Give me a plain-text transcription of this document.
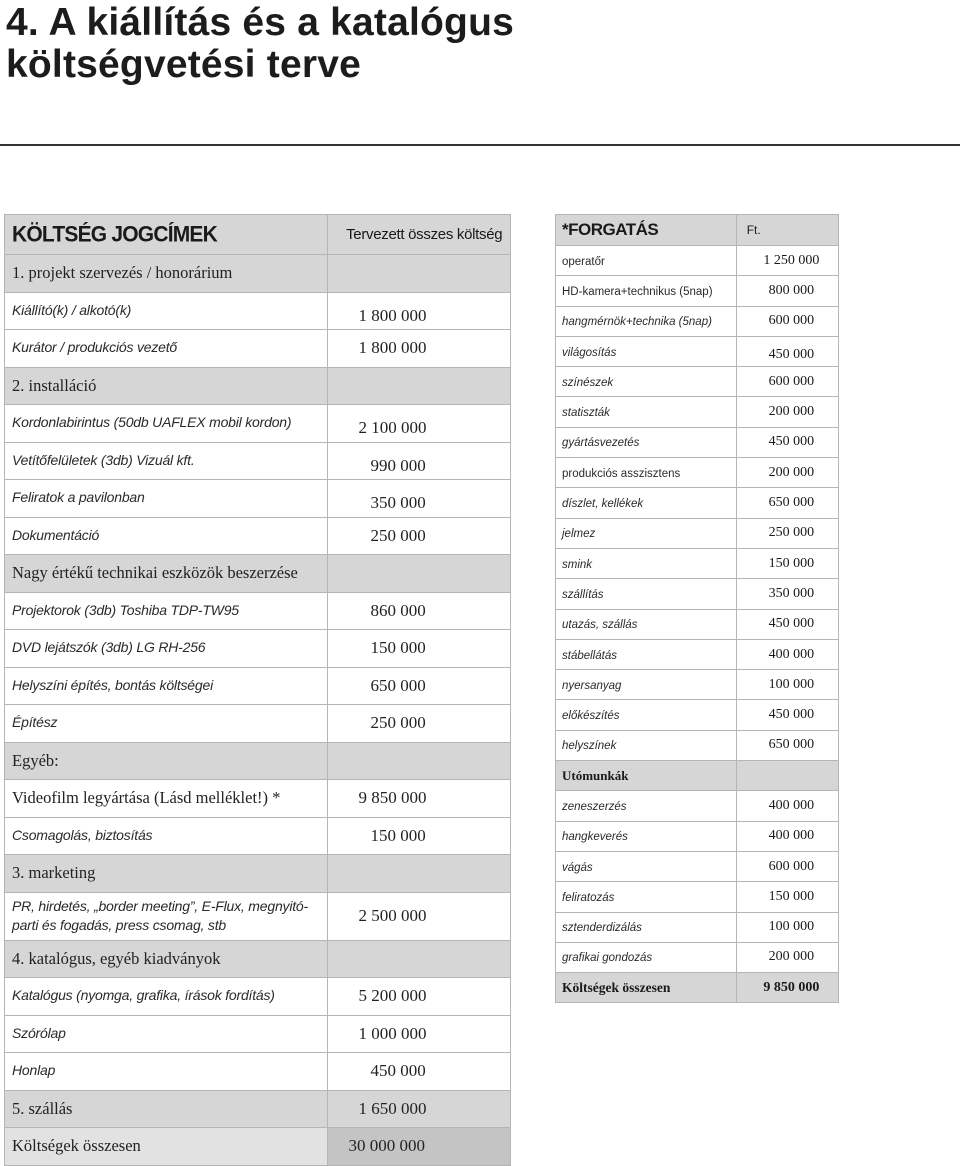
4. A kiállítás és a katalógus
költségvetési terve
KÖLTSÉG JOGCÍMEK	Tervezett összes költség

1. projekt szervezés / honorárium	

Kiállító(k) / alkotó(k)	1 800 000

Kurátor / produkciós vezető	1 800 000

2. installáció	

Kordonlabirintus (50db UAFLEX mobil kordon)	2 100 000

Vetítőfelületek (3db) Vizuál kft.	990 000

Feliratok a pavilonban	350 000

Dokumentáció	250 000

Nagy értékű technikai eszközök beszerzése	

Projektorok (3db) Toshiba TDP-TW95	860 000

DVD lejátszók (3db) LG RH-256	150 000

Helyszíni építés, bontás költségei	650 000

Építész	250 000

Egyéb:	

Videofilm legyártása (Lásd melléklet!) *	9 850 000

Csomagolás, biztosítás	150 000

3. marketing	

PR, hirdetés, „border meeting”, E-Flux, megnyitó-parti és fogadás, press csomag, stb	2 500 000

4. katalógus, egyéb kiadványok	

Katalógus (nyomga, grafika, írások fordítás)	5 200 000

Szórólap	1 000 000

Honlap	450 000

5. szállás	1 650 000

Költségek összesen	30 000 000
*FORGATÁS	Ft.
operatőr	1 250 000

HD-kamera+technikus (5nap)	800 000

hangmérnök+technika (5nap)	600 000

világosítás	450 000

színészek	600 000

statiszták	200 000

gyártásvezetés	450 000

produkciós asszisztens	200 000

díszlet, kellékek	650 000

jelmez	250 000

smink	150 000

szállítás	350 000

utazás, szállás	450 000

stábellátás	400 000

nyersanyag	100 000

előkészítés	450 000

helyszínek	650 000

Utómunkák	
zeneszerzés	400 000

hangkeverés	400 000

vágás	600 000

feliratozás	150 000

sztenderdizálás	100 000

grafikai gondozás	200 000

Költségek összesen	9 850 000
